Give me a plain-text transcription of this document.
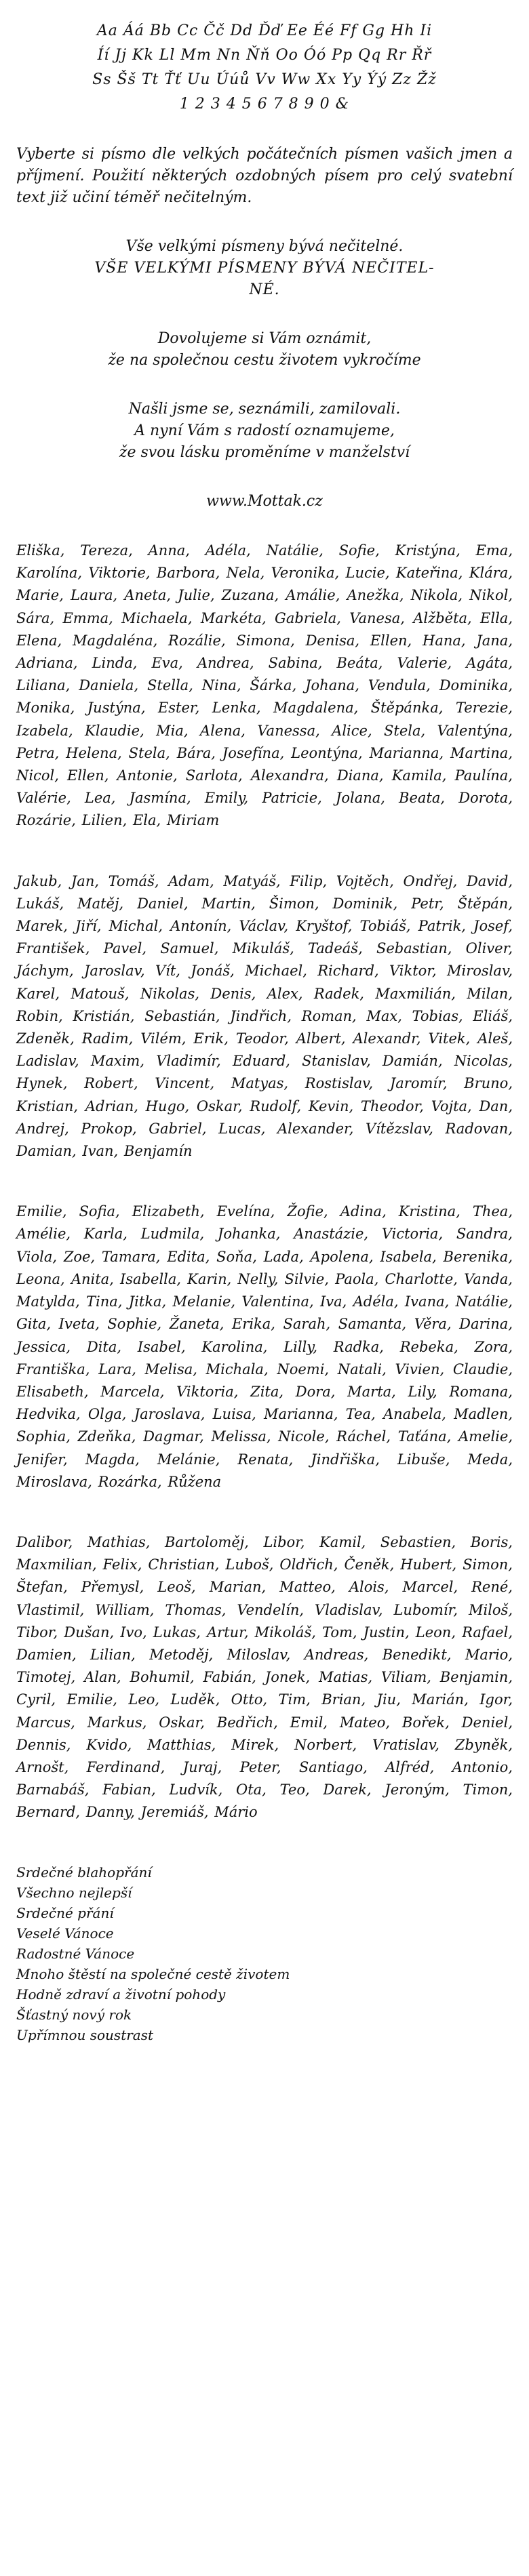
Aa Áá Bb Cc Čč Dd Ďď Ee Éé Ff Gg Hh Ii
Íí Jj Kk Ll Mm Nn Ňň Oo Óó Pp Qq Rr Řř
Ss Šš Tt Ťť Uu Úúů Vv Ww Xx Yy Ýý Zz Žž
1 2 3 4 5 6 7 8 9 0 &
Vyberte si písmo dle velkých počátečních písmen vašich jmen a příjmení. Použití některých ozdobných písem pro celý svatební text již učiní téměř nečitelným.
Vše velkými písmeny bývá nečitelné.
VŠE VELKÝMI PÍSMENY BÝVÁ NEČITEL-
NÉ.
Dovolujeme si Vám oznámit,
že na společnou cestu životem vykročíme
Našli jsme se, seznámili, zamilovali.
A nyní Vám s radostí oznamujeme,
že svou lásku proměníme v manželství
www.Mottak.cz
Eliška, Tereza, Anna, Adéla, Natálie, Sofie, Kristýna, Ema, Karolína, Viktorie, Barbora, Nela, Veronika, Lucie, Kateřina, Klára, Marie, Laura, Aneta, Julie, Zuzana, Amálie, Anežka, Nikola, Nikol, Sára, Emma, Michaela, Markéta, Gabriela, Vanesa, Alžběta, Ella, Elena, Magdaléna, Rozálie, Simona, Denisa, Ellen, Hana, Jana, Adriana, Linda, Eva, Andrea, Sabina, Beáta, Valerie, Agáta, Liliana, Daniela, Stella, Nina, Šárka, Johana, Vendula, Dominika, Monika, Justýna, Ester, Lenka, Magdalena, Štěpánka, Terezie, Izabela, Klaudie, Mia, Alena, Vanessa, Alice, Stela, Valentýna, Petra, Helena, Stela, Bára, Josefína, Leontýna, Marianna, Martina, Nicol, Ellen, Antonie, Sarlota, Alexandra, Diana, Kamila, Paulína, Valérie, Lea, Jasmína, Emily, Patricie, Jolana, Beata, Dorota, Rozárie, Lilien, Ela, Miriam
Jakub, Jan, Tomáš, Adam, Matyáš, Filip, Vojtěch, Ondřej, David, Lukáš, Matěj, Daniel, Martin, Šimon, Dominik, Petr, Štěpán, Marek, Jiří, Michal, Antonín, Václav, Kryštof, Tobiáš, Patrik, Josef, František, Pavel, Samuel, Mikuláš, Tadeáš, Sebastian, Oliver, Jáchym, Jaroslav, Vít, Jonáš, Michael, Richard, Viktor, Miroslav, Karel, Matouš, Nikolas, Denis, Alex, Radek, Maxmilián, Milan, Robin, Kristián, Sebastián, Jindřich, Roman, Max, Tobias, Eliáš, Zdeněk, Radim, Vilém, Erik, Teodor, Albert, Alexandr, Vitek, Aleš, Ladislav, Maxim, Vladimír, Eduard, Stanislav, Damián, Nicolas, Hynek, Robert, Vincent, Matyas, Rostislav, Jaromír, Bruno, Kristian, Adrian, Hugo, Oskar, Rudolf, Kevin, Theodor, Vojta, Dan, Andrej, Prokop, Gabriel, Lucas, Alexander, Vítězslav, Radovan, Damian, Ivan, Benjamín
Emilie, Sofia, Elizabeth, Evelína, Žofie, Adina, Kristina, Thea, Amélie, Karla, Ludmila, Johanka, Anastázie, Victoria, Sandra, Viola, Zoe, Tamara, Edita, Soňa, Lada, Apolena, Isabela, Berenika, Leona, Anita, Isabella, Karin, Nelly, Silvie, Paola, Charlotte, Vanda, Matylda, Tina, Jitka, Melanie, Valentina, Iva, Adéla, Ivana, Natálie, Gita, Iveta, Sophie, Žaneta, Erika, Sarah, Samanta, Věra, Darina, Jessica, Dita, Isabel, Karolina, Lilly, Radka, Rebeka, Zora, Františka, Lara, Melisa, Michala, Noemi, Natali, Vivien, Claudie, Elisabeth, Marcela, Viktoria, Zita, Dora, Marta, Lily, Romana, Hedvika, Olga, Jaroslava, Luisa, Marianna, Tea, Anabela, Madlen, Sophia, Zdeňka, Dagmar, Melissa, Nicole, Ráchel, Taťána, Amelie, Jenifer, Magda, Melánie, Renata, Jindřiška, Libuše, Meda, Miroslava, Rozárka, Růžena
Dalibor, Mathias, Bartoloměj, Libor, Kamil, Sebastien, Boris, Maxmilian, Felix, Christian, Luboš, Oldřich, Čeněk, Hubert, Simon, Štefan, Přemysl, Leoš, Marian, Matteo, Alois, Marcel, René, Vlastimil, William, Thomas, Vendelín, Vladislav, Lubomír, Miloš, Tibor, Dušan, Ivo, Lukas, Artur, Mikoláš, Tom, Justin, Leon, Rafael, Damien, Lilian, Metoděj, Miloslav, Andreas, Benedikt, Mario, Timotej, Alan, Bohumil, Fabián, Jonek, Matias, Viliam, Benjamin, Cyril, Emilie, Leo, Luděk, Otto, Tim, Brian, Jiu, Marián, Igor, Marcus, Markus, Oskar, Bedřich, Emil, Mateo, Bořek, Deniel, Dennis, Kvido, Matthias, Mirek, Norbert, Vratislav, Zbyněk, Arnošt, Ferdinand, Juraj, Peter, Santiago, Alfréd, Antonio, Barnabáš, Fabian, Ludvík, Ota, Teo, Darek, Jeroným, Timon, Bernard, Danny, Jeremiáš, Mário
Srdečné blahopřání
Všechno nejlepší
Srdečné přání
Veselé Vánoce
Radostné Vánoce
Mnoho štěstí na společné cestě životem
Hodně zdraví a životní pohody
Šťastný nový rok
Upřímnou soustrast
